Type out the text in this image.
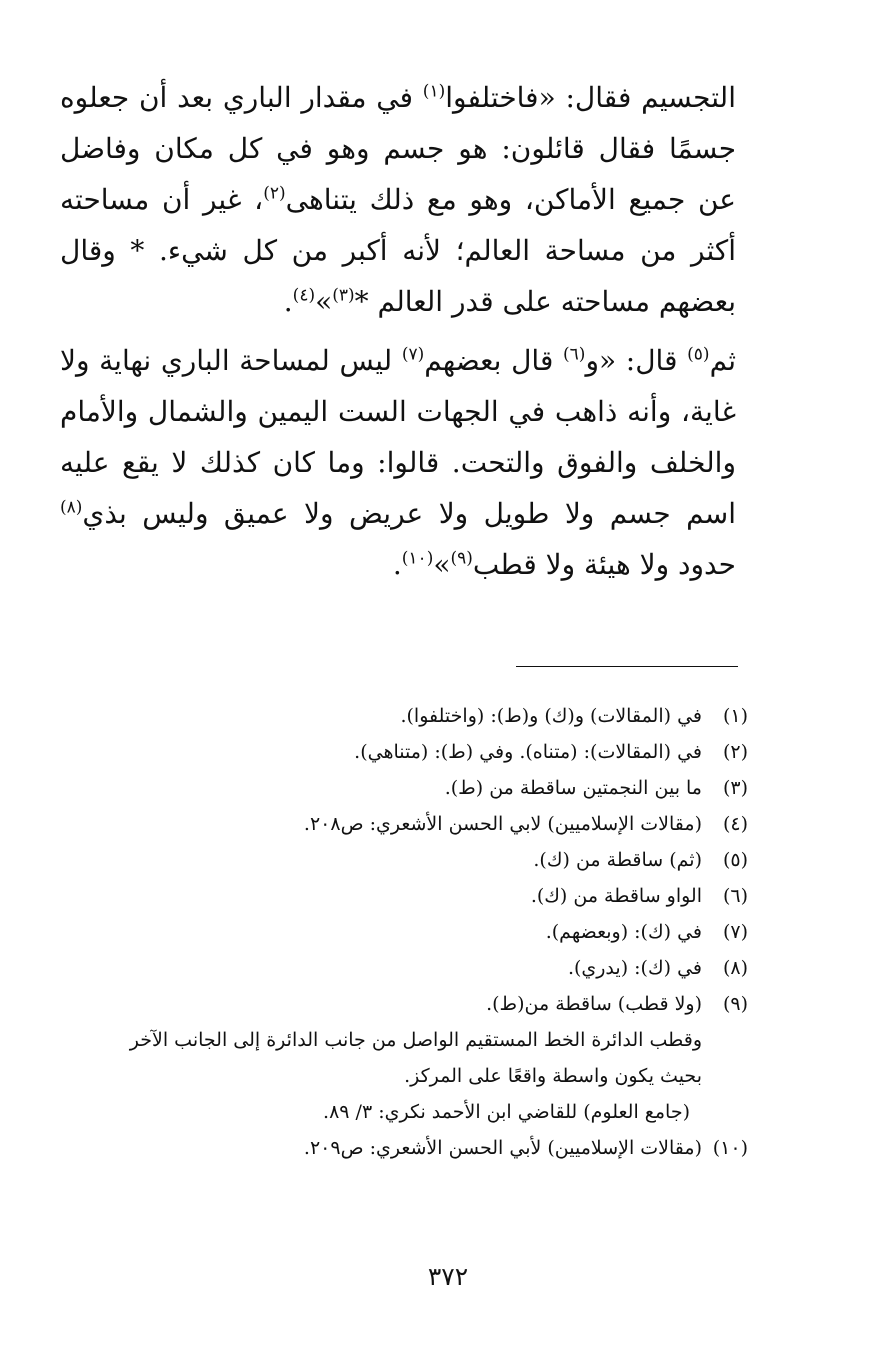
التجسيم فقال: «فاختلفوا$^{(١)}$ في مقدار الباري بعد أن جعلوه جسمًا فقال قائلون: هو جسم وهو في كل مكان وفاضل عن جميع الأماكن، وهو مع ذلك يتناهى$^{(٢)}$، غير أن مساحته أكثر من مساحة العالم؛ لأنه أكبر من كل شيء. * وقال بعضهم مساحته على قدر العالم *$^{(٣)}$»$^{(٤)}$.

ثم$^{(٥)}$ قال: «و$^{(٦)}$ قال بعضهم$^{(٧)}$ ليس لمساحة الباري نهاية ولا غاية، وأنه ذاهب في الجهات الست اليمين والشمال والأمام والخلف والفوق والتحت. قالوا: وما كان كذلك لا يقع عليه اسم جسم ولا طويل ولا عريض ولا عميق وليس بذي$^{(٨)}$ حدود ولا هيئة ولا قطب$^{(٩)}$»$^{(١٠)}$.

(١)
في (المقالات) و(ك) و(ط): (واختلفوا).
(٢)
في (المقالات): (متناه). وفي (ط): (متناهي).
(٣)
ما بين النجمتين ساقطة من (ط).
(٤)
(مقالات الإسلاميين) لابي الحسن الأشعري: ص٢٠٨.
(٥)
(ثم) ساقطة من (ك).
(٦)
الواو ساقطة من (ك).
(٧)
في (ك): (وبعضهم).
(٨)
في (ك): (يدري).
(٩)
(ولا قطب) ساقطة من(ط).
وقطب الدائرة الخط المستقيم الواصل من جانب الدائرة إلى الجانب الآخر
بحيث يكون واسطة واقعًا على المركز.
(جامع العلوم) للقاضي ابن الأحمد نكري: ٣/ ٨٩.
(١٠)
(مقالات الإسلاميين) لأبي الحسن الأشعري: ص٢٠٩.
٣٧٢
